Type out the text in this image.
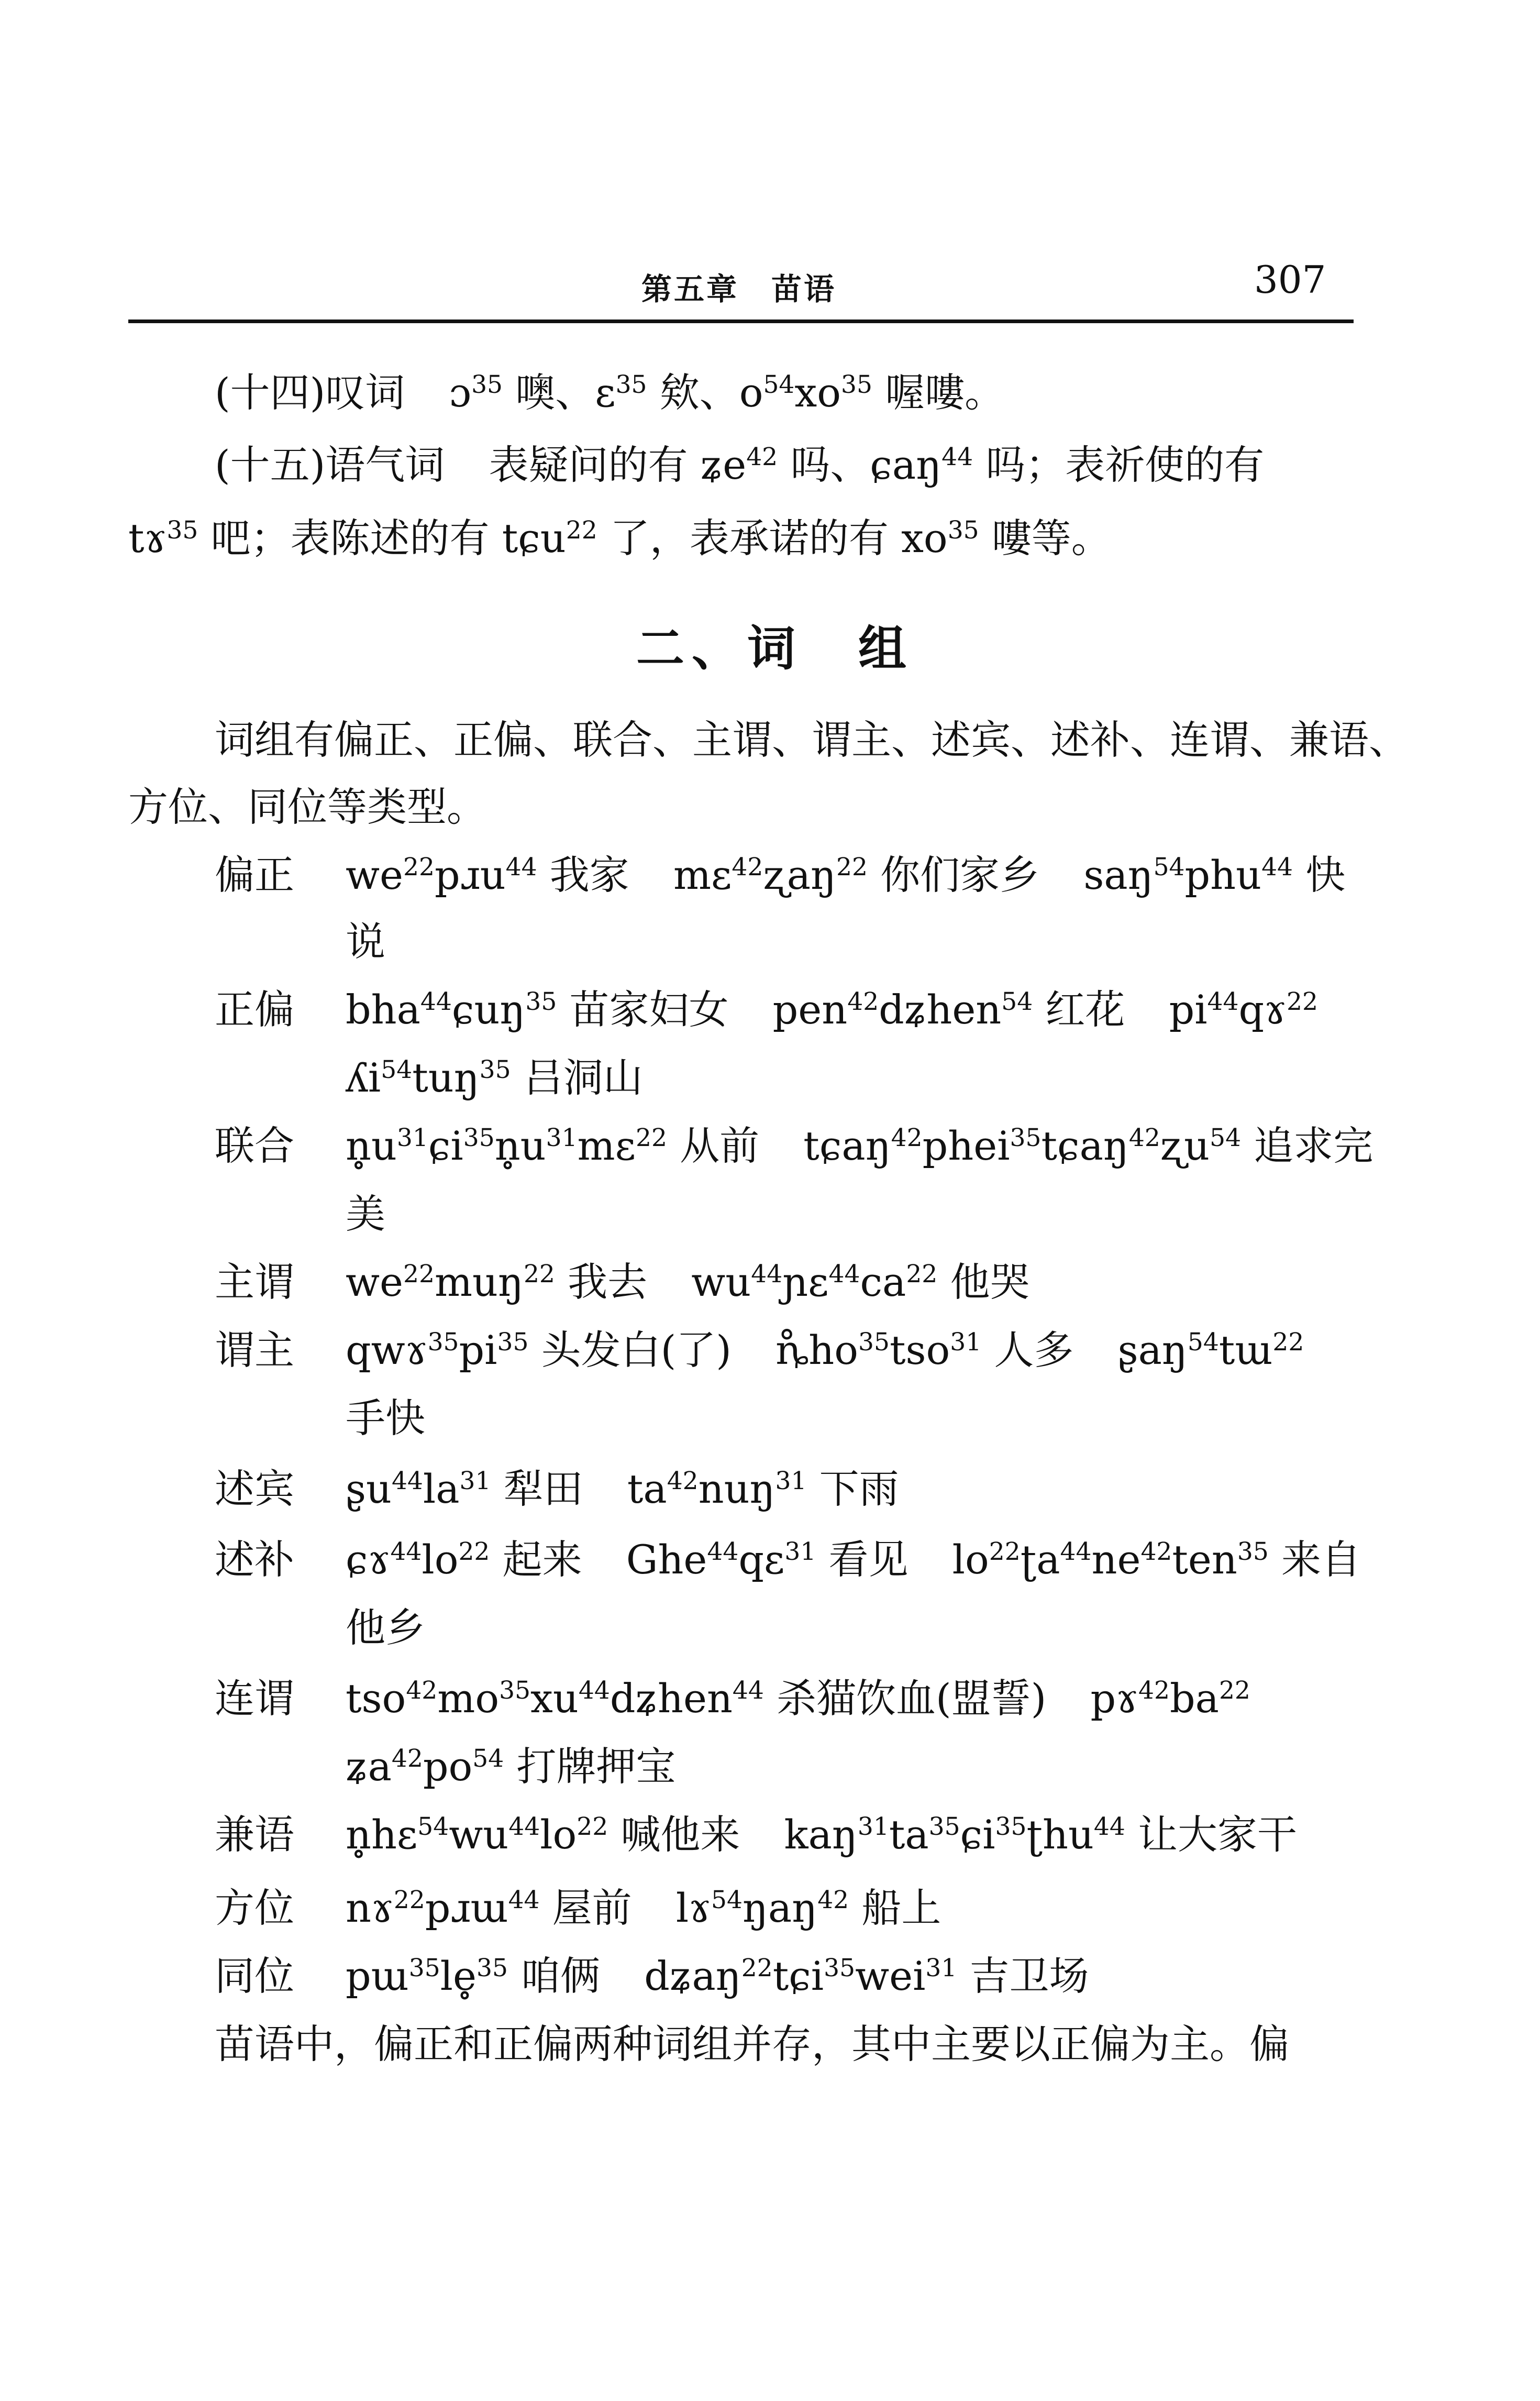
第五章　苗语	307
(十四)叹词 ɔ$^{35}$ 噢、ɛ$^{35}$ 欸、$o^{54}xo^{35}$ 喔嘍。
(十五)语气词 表疑问的有 ʑe$^{42}$ 吗、ɕaŋ$^{44}$ 吗；表祈使的有
tɤ$^{35}$ 吧；表陈述的有 tɕu$^{22}$ 了，表承诺的有 $xo^{35}$ 嘍等。
二、词　组
词组有偏正、正偏、联合、主谓、谓主、述宾、述补、连谓、兼语、
方位、同位等类型。
偏正 $we^{22}pɹu^{44}$ 我家 mɛ$^{42}$ʐaŋ$^{22}$ 你们家乡 saŋ$^{54}$phu$^{44}$ 快
说
正偏 bha$^{44}$ɕuŋ$^{35}$ 苗家妇女 pen$^{42}$dʑhen$^{54}$ 红花 $pi^{44}qɤ^{22}$
ʎi$^{54}$tuŋ$^{35}$ 吕洞山
联合 $n̥u^{31}ɕi^{35}n̥u^{31}mɛ^{22}$ 从前 tɕaŋ$^{42}$phei$^{35}$tɕaŋ$^{42}$ʐu$^{54}$ 追求完
美
主谓 $we^{22}muŋ^{22}$ 我去 $wu^{44}ɲɛ^{44}ca^{22}$ 他哭
谓主 $qwɤ^{35}pi^{35}$ 头发白(了) $ȵ̊ho^{35}tso^{31}$ 人多 ʂaŋ$^{54}$tɯ$^{22}$
手快
述宾 $ʂu^{44}la^{31}$ 犁田 $ta^{42}nuŋ^{31}$ 下雨
述补 $ɕɤ^{44}lo^{22}$ 起来 Ghe$^{44}$qɛ$^{31}$ 看见 $lo^{22}ʈa^{44}ne^{42}ten^{35}$ 来自
他乡
连谓 $tso^{42}mo^{35}xu^{44}dʑhen^{44}$ 杀猫饮血(盟誓) $pɤ^{42}ba^{22}$
$ʑa^{42}po^{54}$ 打牌押宝
兼语 $n̥hɛ^{54}wu^{44}lo^{22}$ 喊他来 $kaŋ^{31}ta^{35}ɕi^{35}ʈhu^{44}$ 让大家干
方位 nɤ$^{22}$pɹɯ$^{44}$ 屋前 lɤ$^{54}$ŋaŋ$^{42}$ 船上
同位 pɯ$^{35}$le̥$^{35}$ 咱俩 dʑaŋ$^{22}$tɕi$^{35}$wei$^{31}$ 吉卫场
苗语中，偏正和正偏两种词组并存，其中主要以正偏为主。偏
